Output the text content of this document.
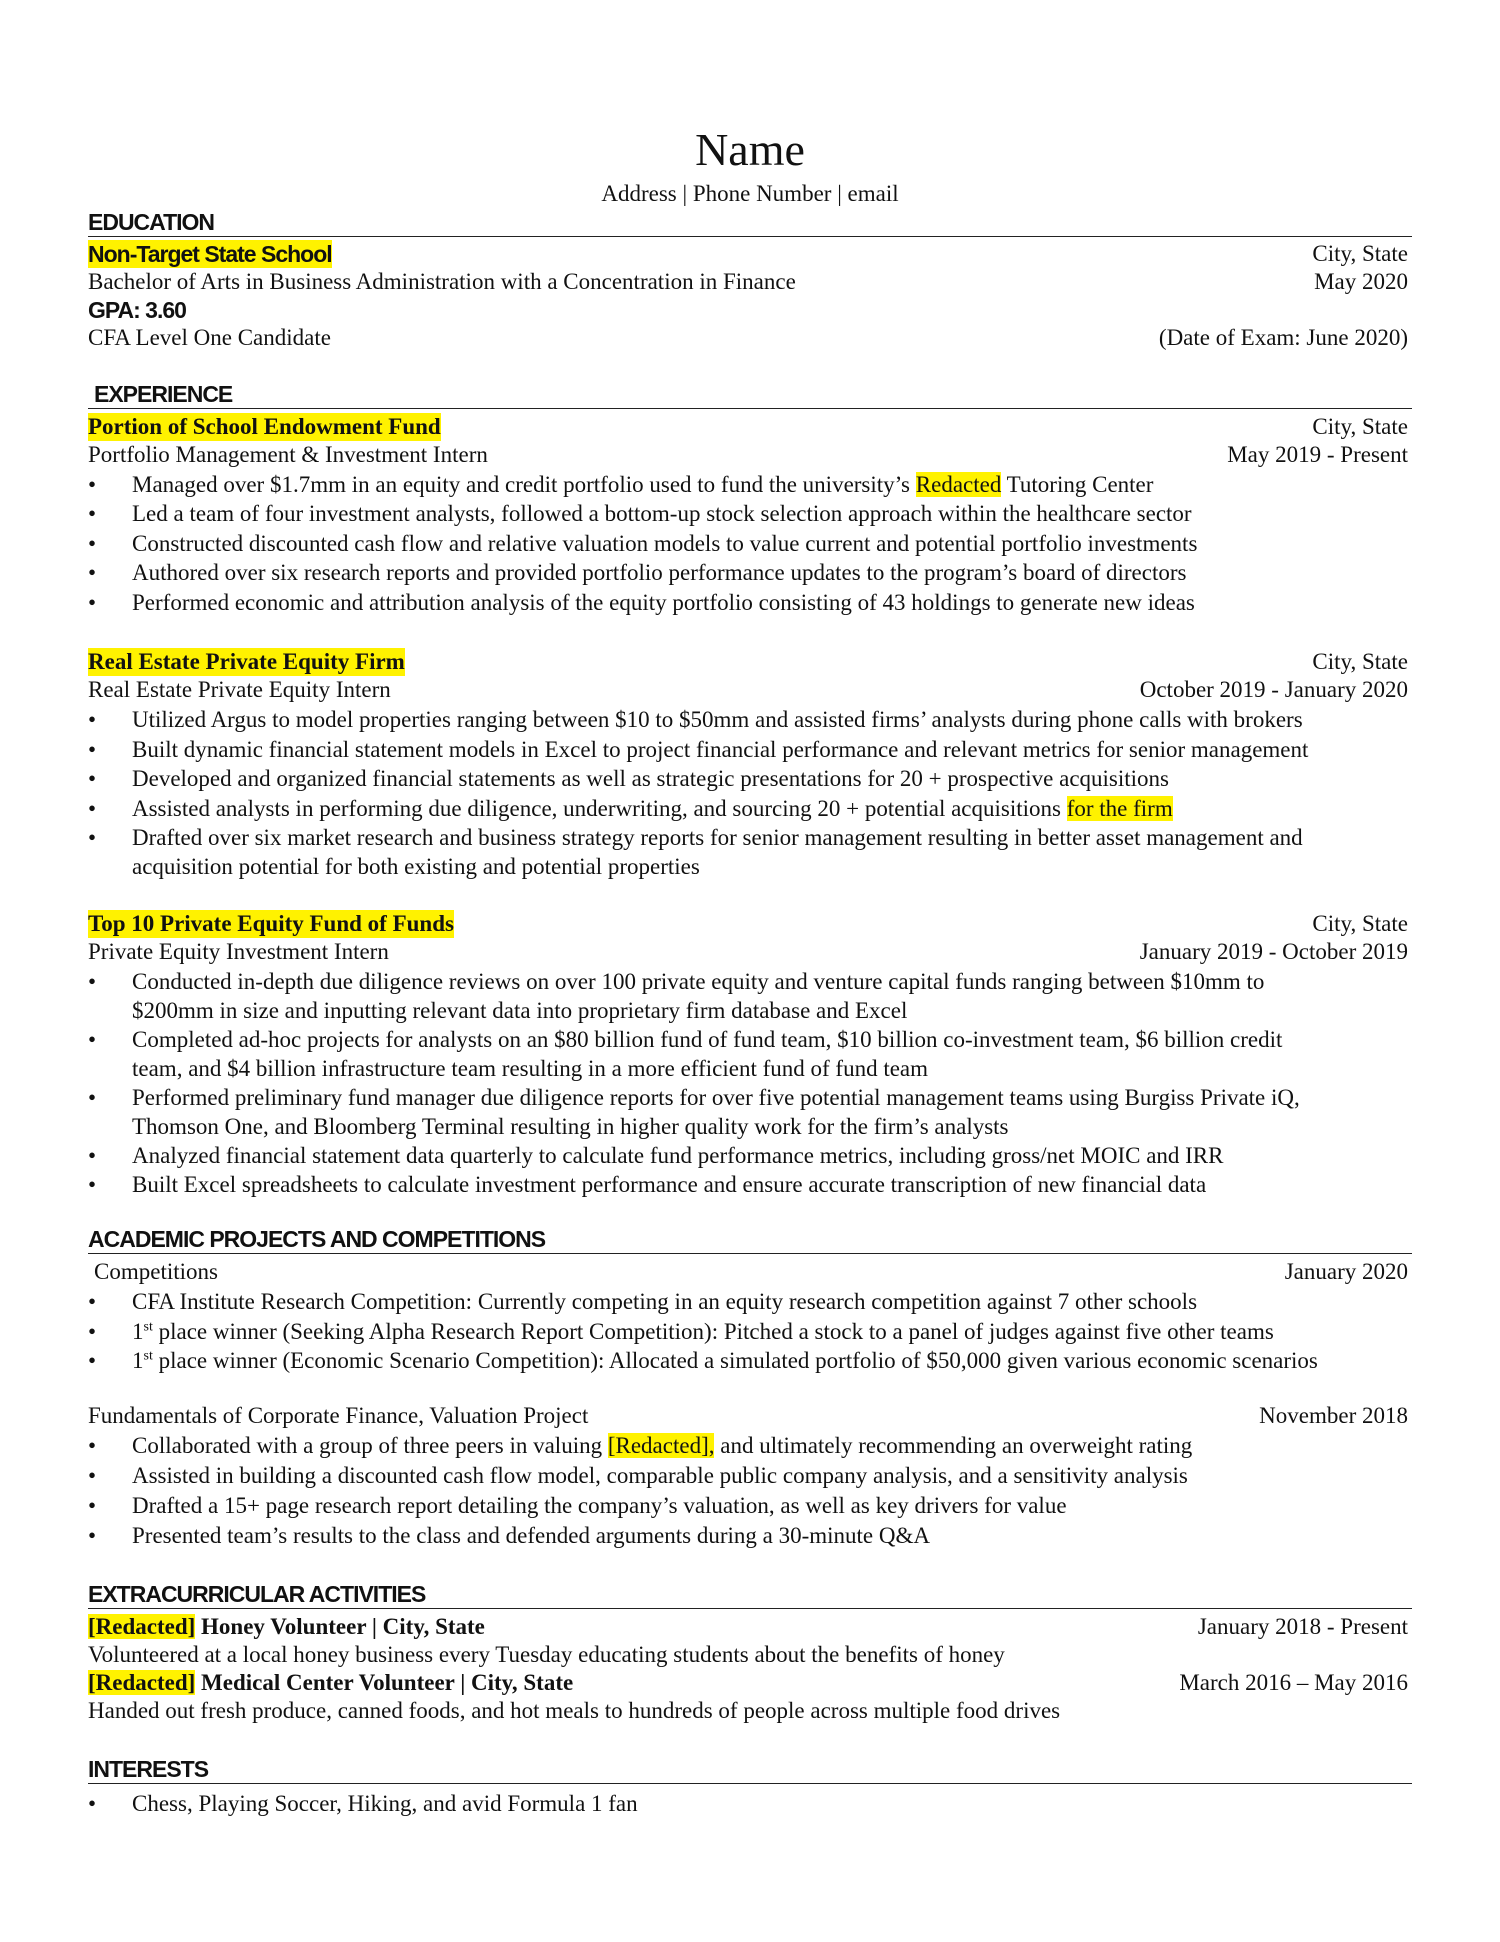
Name
Address | Phone Number | email
EDUCATION
Non-Target State School	City, State
Bachelor of Arts in Business Administration with a Concentration in Finance	May 2020
GPA: 3.60
CFA Level One Candidate	(Date of Exam: June 2020)
EXPERIENCE
Portion of School Endowment Fund	City, State
Portfolio Management & Investment Intern	May 2019 - Present
•	Managed over $1.7mm in an equity and credit portfolio used to fund the university’s Redacted Tutoring Center
•	Led a team of four investment analysts, followed a bottom-up stock selection approach within the healthcare sector
•	Constructed discounted cash flow and relative valuation models to value current and potential portfolio investments
•	Authored over six research reports and provided portfolio performance updates to the program’s board of directors
•	Performed economic and attribution analysis of the equity portfolio consisting of 43 holdings to generate new ideas
Real Estate Private Equity Firm	City, State
Real Estate Private Equity Intern	October 2019 - January 2020
•	Utilized Argus to model properties ranging between $10 to $50mm and assisted firms’ analysts during phone calls with brokers
•	Built dynamic financial statement models in Excel to project financial performance and relevant metrics for senior management
•	Developed and organized financial statements as well as strategic presentations for 20 + prospective acquisitions
•	Assisted analysts in performing due diligence, underwriting, and sourcing 20 + potential acquisitions for the firm
•	Drafted over six market research and business strategy reports for senior management resulting in better asset management and
acquisition potential for both existing and potential properties
Top 10 Private Equity Fund of Funds	City, State
Private Equity Investment Intern	January 2019 - October 2019
•	Conducted in-depth due diligence reviews on over 100 private equity and venture capital funds ranging between $10mm to
$200mm in size and inputting relevant data into proprietary firm database and Excel
•	Completed ad-hoc projects for analysts on an $80 billion fund of fund team, $10 billion co-investment team, $6 billion credit
team, and $4 billion infrastructure team resulting in a more efficient fund of fund team
•	Performed preliminary fund manager due diligence reports for over five potential management teams using Burgiss Private iQ,
Thomson One, and Bloomberg Terminal resulting in higher quality work for the firm’s analysts
•	Analyzed financial statement data quarterly to calculate fund performance metrics, including gross/net MOIC and IRR
•	Built Excel spreadsheets to calculate investment performance and ensure accurate transcription of new financial data
ACADEMIC PROJECTS AND COMPETITIONS
Competitions	January 2020
•	CFA Institute Research Competition: Currently competing in an equity research competition against 7 other schools
•	1st place winner (Seeking Alpha Research Report Competition): Pitched a stock to a panel of judges against five other teams
•	1st place winner (Economic Scenario Competition): Allocated a simulated portfolio of $50,000 given various economic scenarios
Fundamentals of Corporate Finance, Valuation Project	November 2018
•	Collaborated with a group of three peers in valuing [Redacted], and ultimately recommending an overweight rating
•	Assisted in building a discounted cash flow model, comparable public company analysis, and a sensitivity analysis
•	Drafted a 15+ page research report detailing the company’s valuation, as well as key drivers for value
•	Presented team’s results to the class and defended arguments during a 30-minute Q&A
EXTRACURRICULAR ACTIVITIES
[Redacted] Honey Volunteer | City, State	January 2018 - Present
Volunteered at a local honey business every Tuesday educating students about the benefits of honey
[Redacted] Medical Center Volunteer | City, State	March 2016 – May 2016
Handed out fresh produce, canned foods, and hot meals to hundreds of people across multiple food drives
INTERESTS
•	Chess, Playing Soccer, Hiking, and avid Formula 1 fan
